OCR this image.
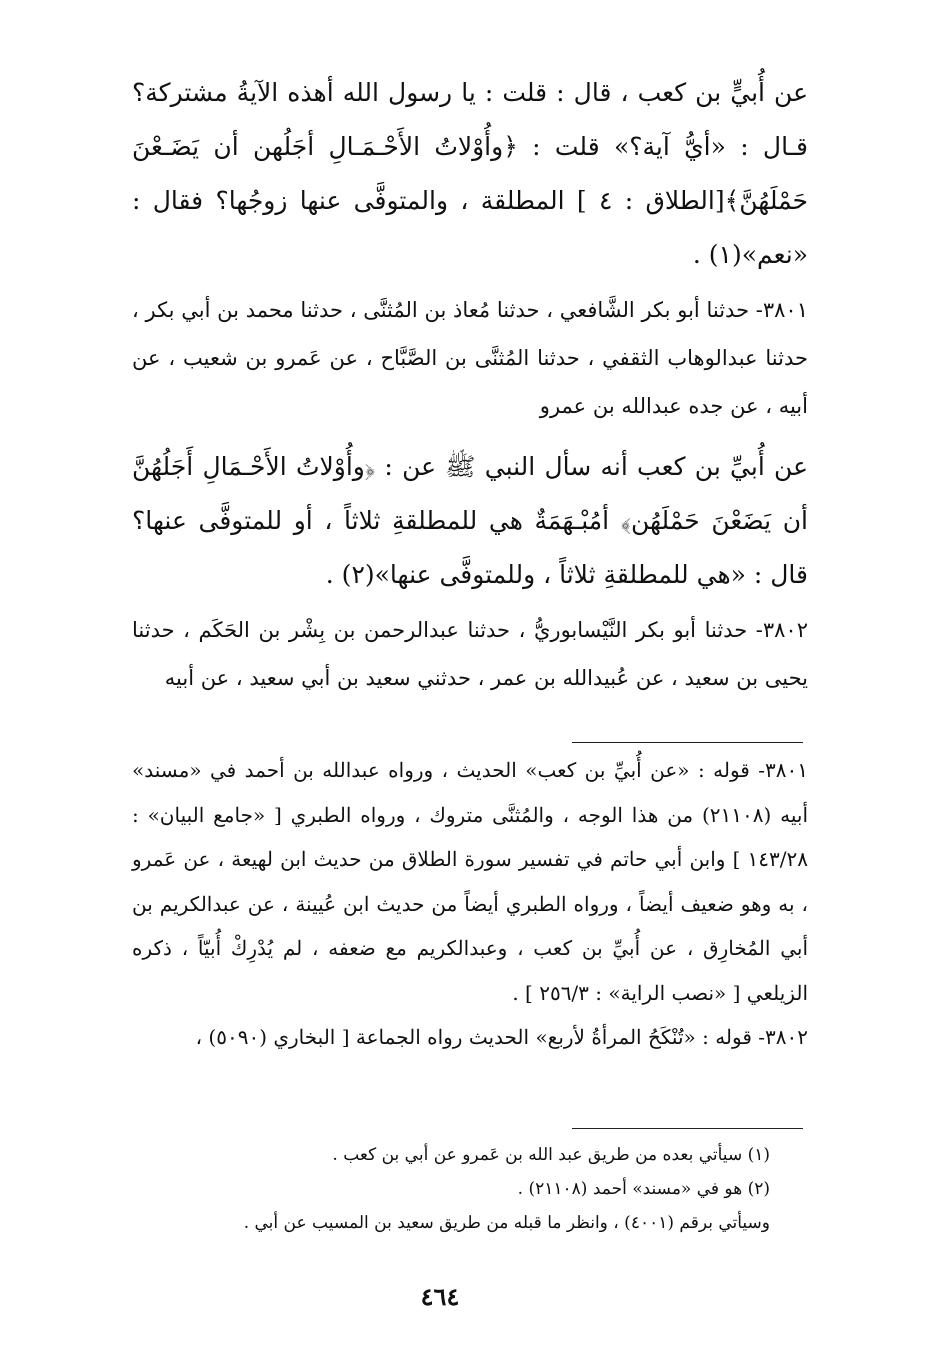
عن أُبيٍّ بن كعب ، قال : قلت : يا رسول الله أهذه الآيةُ مشتركة؟ قـال : «أيُّ آية؟» قلت : ﴿وأُوْلاتُ الأَحْـمَـالِ أجَلُهن أن يَضَـعْنَ حَمْلَهُنَّ﴾[الطلاق : ٤ ] المطلقة ، والمتوفَّى عنها زوجُها؟ فقال : «نعم»(١) .

٣٨٠١- حدثنا أبو بكر الشَّافعي ، حدثنا مُعاذ بن المُثنَّى ، حدثنا محمد بن أبي بكر ، حدثنا عبدالوهاب الثقفي ، حدثنا المُثنَّى بن الصَّبَّاح ، عن عَمرو بن شعيب ، عن أبيه ، عن جده عبدالله بن عمرو

عن أُبيِّ بن كعب أنه سأل النبي ﷺ عن : ﴿وأُوْلاتُ الأَحْـمَالِ أَجَلُهُنَّ أن يَضَعْنَ حَمْلَهُن﴾ أمُبْـهَمَةٌ هي للمطلقةِ ثلاثاً ، أو للمتوفَّى عنها؟ قال : «هي للمطلقةِ ثلاثاً ، وللمتوفَّى عنها»(٢) .

٣٨٠٢- حدثنا أبو بكر النَّيْسابوريُّ ، حدثنا عبدالرحمن بن بِشْر بن الحَكَم ، حدثنا يحيى بن سعيد ، عن عُبيدالله بن عمر ، حدثني سعيد بن أبي سعيد ، عن أبيه

٣٨٠١- قوله : «عن أُبيِّ بن كعب» الحديث ، ورواه عبدالله بن أحمد في «مسند» أبيه (٢١١٠٨) من هذا الوجه ، والمُثنَّى متروك ، ورواه الطبري [ «جامع البيان» : ١٤٣/٢٨ ] وابن أبي حاتم في تفسير سورة الطلاق من حديث ابن لهيعة ، عن عَمرو ، به وهو ضعيف أيضاً ، ورواه الطبري أيضاً من حديث ابن عُيينة ، عن عبدالكريم بن أبي المُخارِق ، عن أُبيِّ بن كعب ، وعبدالكريم مع ضعفه ، لم يُدْرِكْ أُبيّاً ، ذكره الزيلعي [ «نصب الراية» : ٢٥٦/٣ ] .

٣٨٠٢- قوله : «تُنْكَحُ المرأةُ لأربع» الحديث رواه الجماعة [ البخاري (٥٠٩٠) ،

(١) سيأتي بعده من طريق عبد الله بن عَمرو عن أبي بن كعب .

(٢) هو في «مسند» أحمد (٢١١٠٨) .

وسيأتي برقم (٤٠٠١) ، وانظر ما قبله من طريق سعيد بن المسيب عن أبي .

٤٦٤
